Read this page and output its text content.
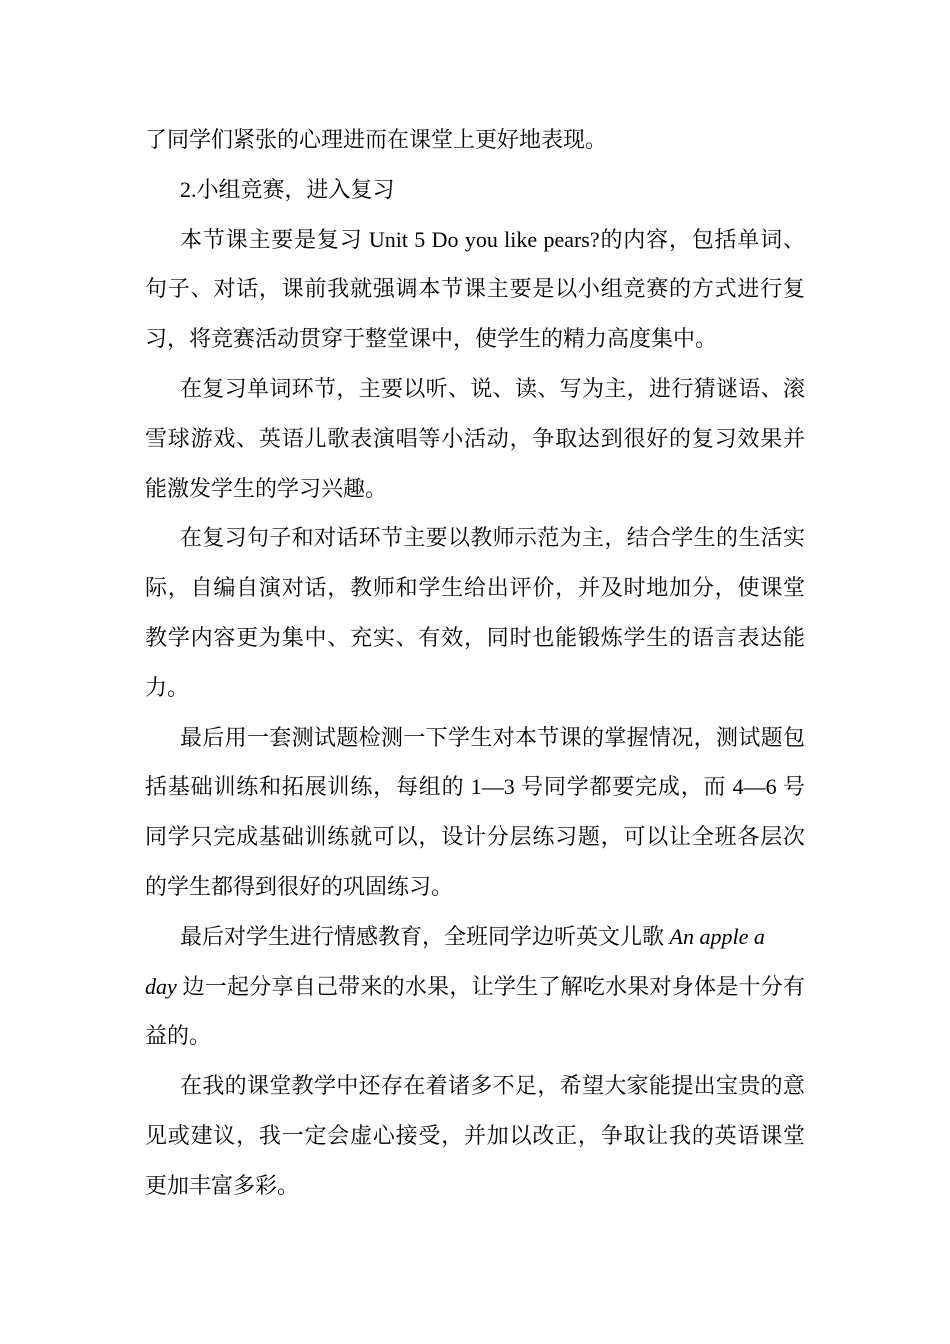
了同学们紧张的心理进而在课堂上更好地表现。
2.小组竞赛，进入复习
本节课主要是复习 Unit 5 Do you like pears?的内容，包括单词、
句子、对话，课前我就强调本节课主要是以小组竞赛的方式进行复
习，将竞赛活动贯穿于整堂课中，使学生的精力高度集中。
在复习单词环节，主要以听、说、读、写为主，进行猜谜语、滚
雪球游戏、英语儿歌表演唱等小活动，争取达到很好的复习效果并
能激发学生的学习兴趣。
在复习句子和对话环节主要以教师示范为主，结合学生的生活实
际，自编自演对话，教师和学生给出评价，并及时地加分，使课堂
教学内容更为集中、充实、有效，同时也能锻炼学生的语言表达能
力。
最后用一套测试题检测一下学生对本节课的掌握情况，测试题包
括基础训练和拓展训练，每组的 1—3 号同学都要完成，而 4—6 号
同学只完成基础训练就可以，设计分层练习题，可以让全班各层次
的学生都得到很好的巩固练习。
最后对学生进行情感教育，全班同学边听英文儿歌 An apple a
day 边一起分享自己带来的水果，让学生了解吃水果对身体是十分有
益的。
在我的课堂教学中还存在着诸多不足，希望大家能提出宝贵的意
见或建议，我一定会虚心接受，并加以改正，争取让我的英语课堂
更加丰富多彩。
